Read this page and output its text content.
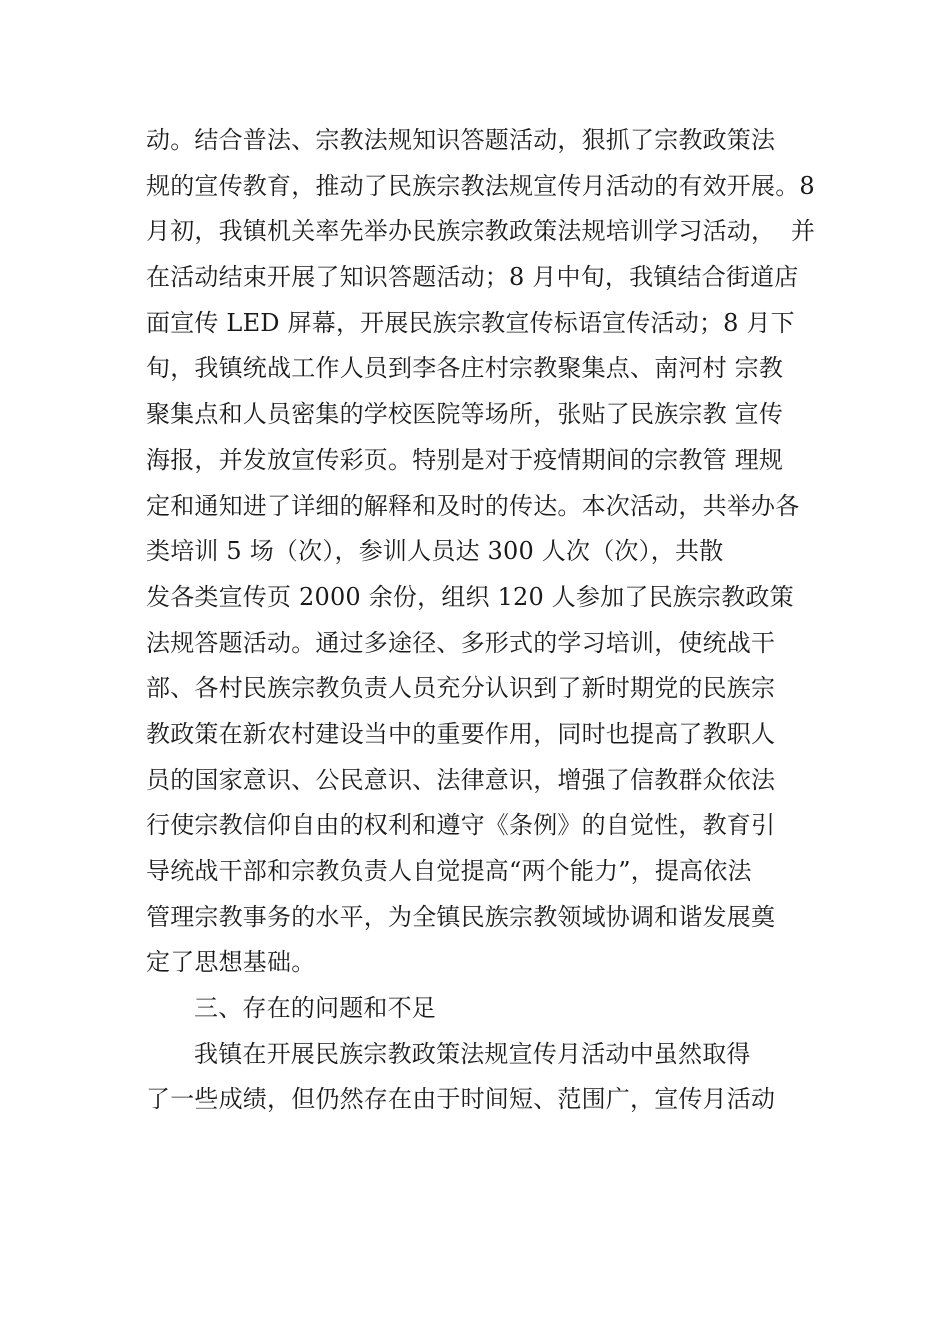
动。结合普法、宗教法规知识答题活动，狠抓了宗教政策法
规的宣传教育，推动了民族宗教法规宣传月活动的有效开展。8
月初，我镇机关率先举办民族宗教政策法规培训学习活动，  并
在活动结束开展了知识答题活动；8 月中旬，我镇结合街道店
面宣传 LED 屏幕，开展民族宗教宣传标语宣传活动；8 月下
旬，我镇统战工作人员到李各庄村宗教聚集点、南河村 宗教
聚集点和人员密集的学校医院等场所，张贴了民族宗教 宣传
海报，并发放宣传彩页。特别是对于疫情期间的宗教管 理规
定和通知进了详细的解释和及时的传达。本次活动，共举办各
类培训 5 场（次），参训人员达 300 人次（次），共散
发各类宣传页 2000 余份，组织 120 人参加了民族宗教政策
法规答题活动。通过多途径、多形式的学习培训，使统战干
部、各村民族宗教负责人员充分认识到了新时期党的民族宗
教政策在新农村建设当中的重要作用，同时也提高了教职人
员的国家意识、公民意识、法律意识，增强了信教群众依法
行使宗教信仰自由的权利和遵守《条例》的自觉性，教育引
导统战干部和宗教负责人自觉提高“两个能力”，提高依法
管理宗教事务的水平，为全镇民族宗教领域协调和谐发展奠
定了思想基础。
三、存在的问题和不足
我镇在开展民族宗教政策法规宣传月活动中虽然取得
了一些成绩，但仍然存在由于时间短、范围广，宣传月活动
